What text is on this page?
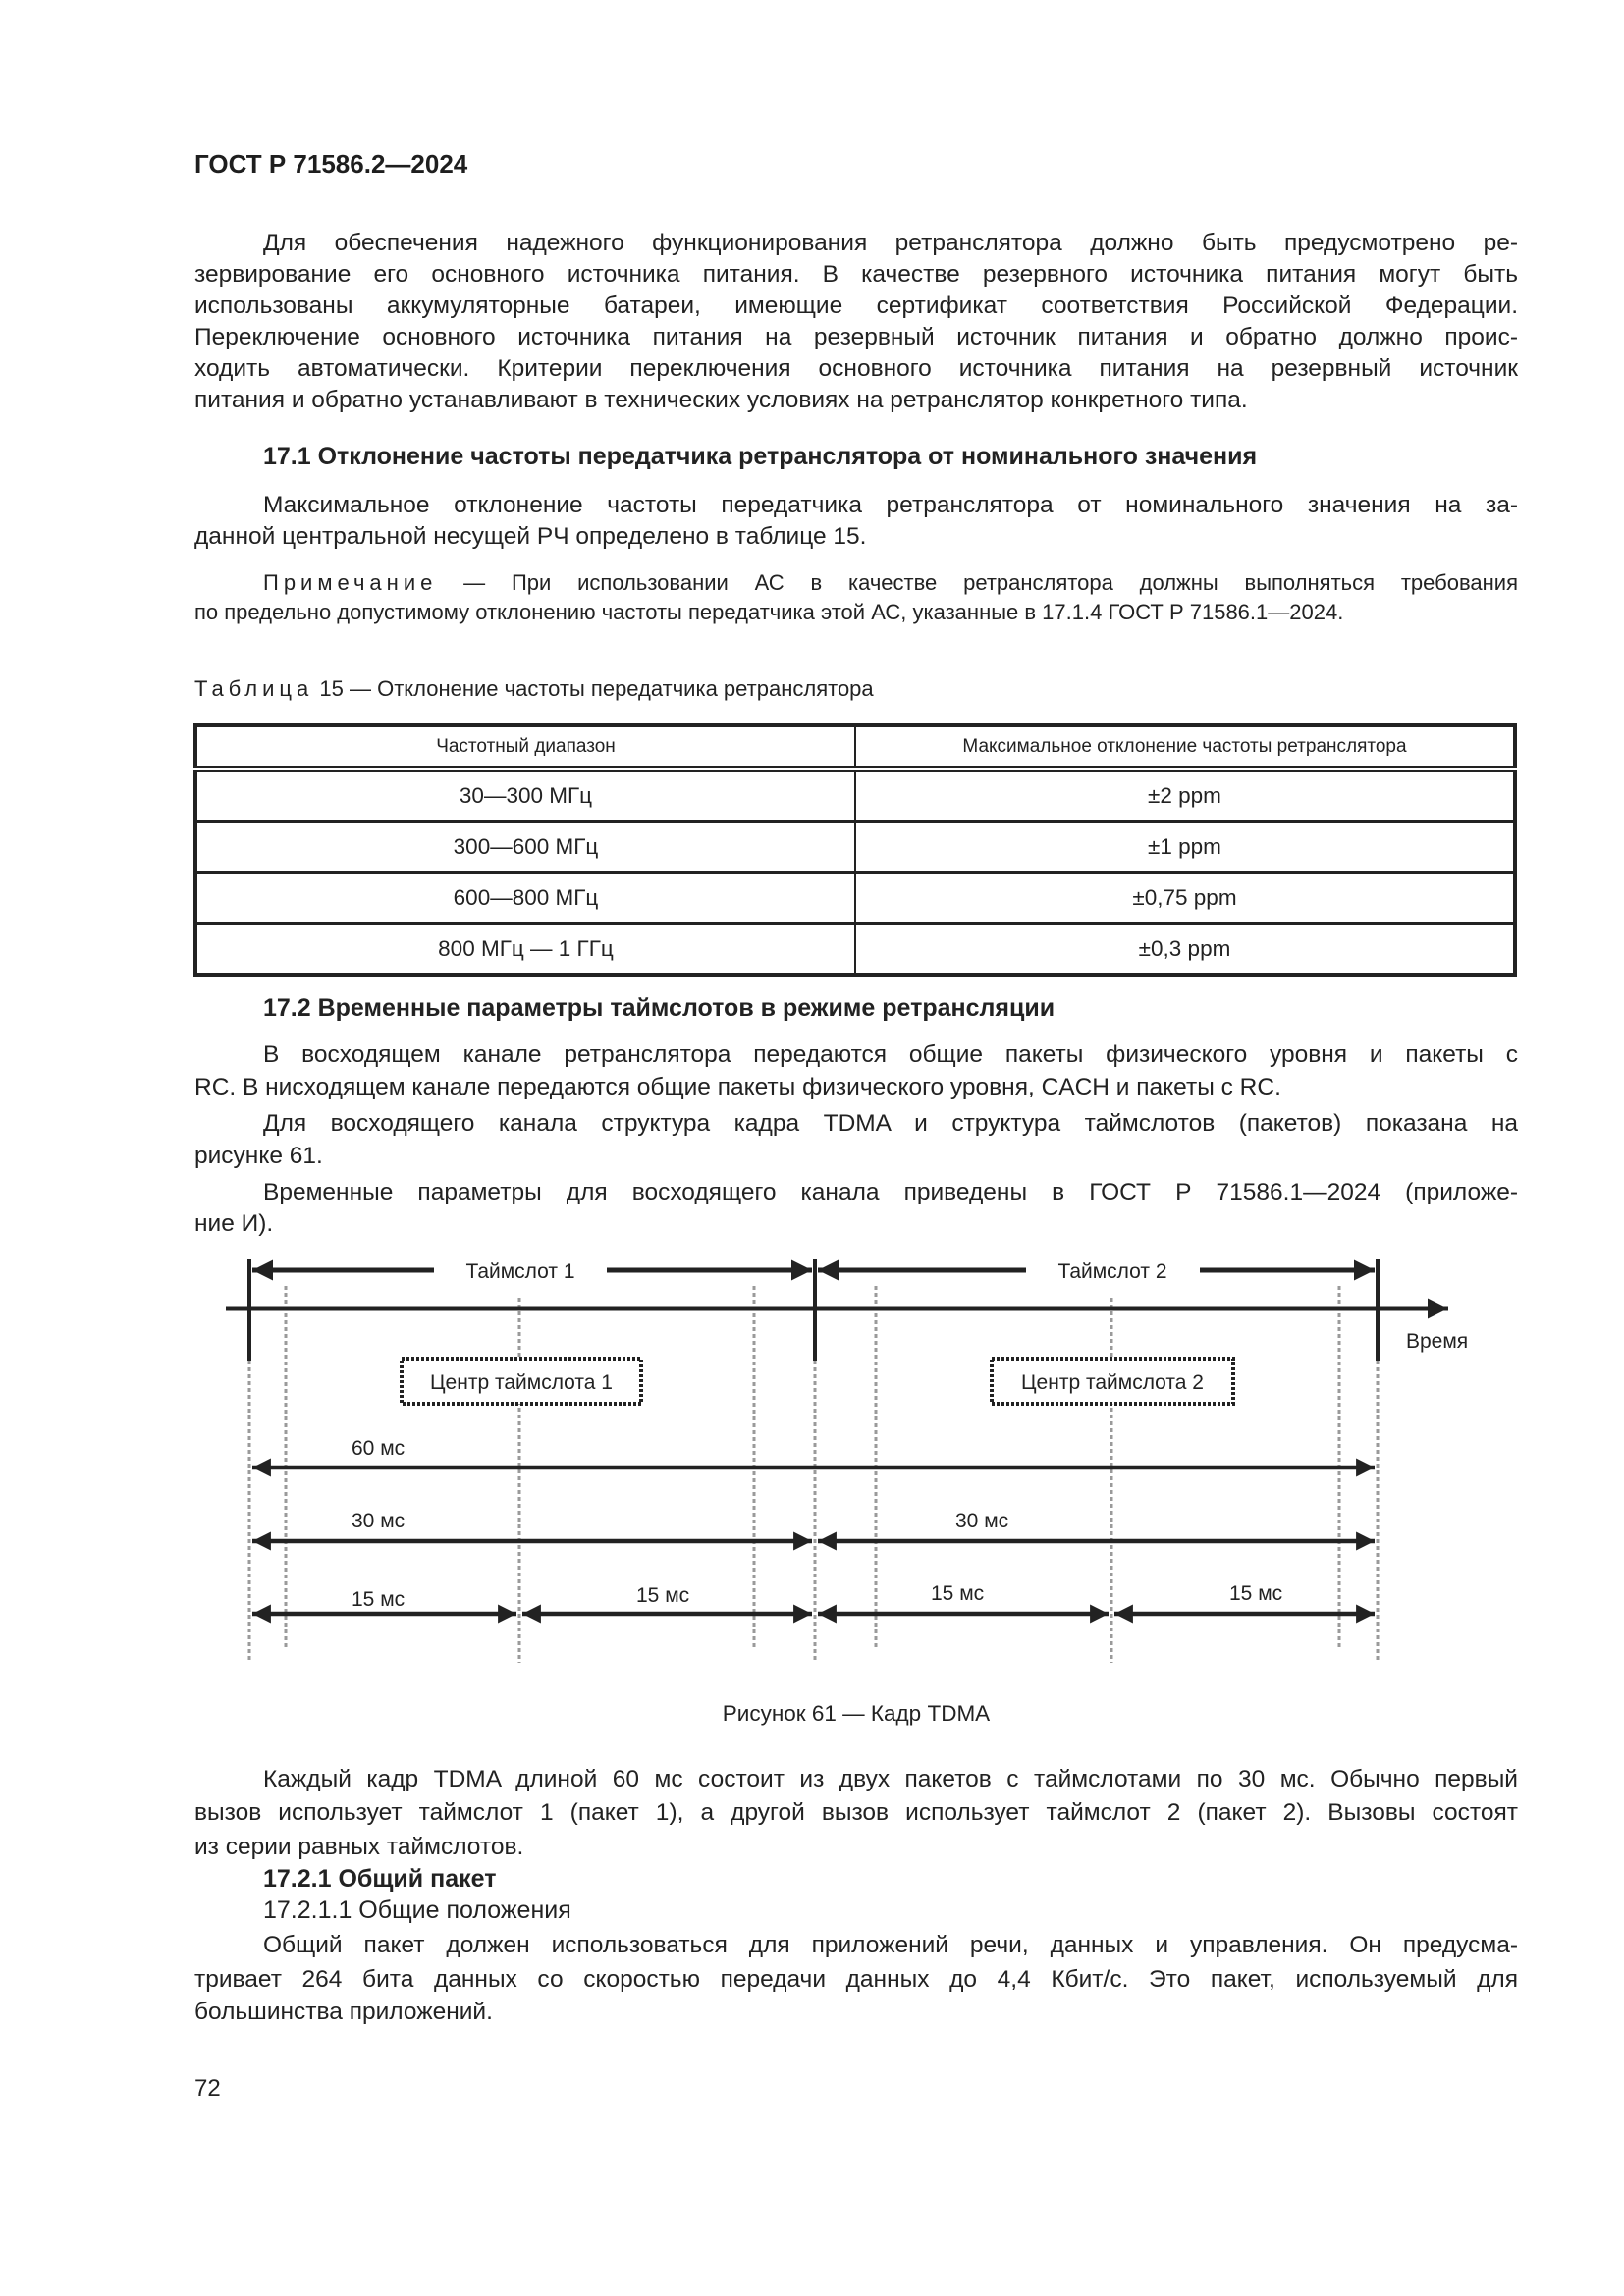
ГОСТ Р 71586.2—2024
Для обеспечения надежного функционирования ретранслятора должно быть предусмотрено ре-
зервирование его основного источника питания. В качестве резервного источника питания могут быть
использованы аккумуляторные батареи, имеющие сертификат соответствия Российской Федерации.
Переключение основного источника питания на резервный источник питания и обратно должно проис-
ходить автоматически. Критерии переключения основного источника питания на резервный источник
питания и обратно устанавливают в технических условиях на ретранслятор конкретного типа.
17.1 Отклонение частоты передатчика ретранслятора от номинального значения
Максимальное отклонение частоты передатчика ретранслятора от номинального значения на за-
данной центральной несущей РЧ определено в таблице 15.
Примечание — При использовании АС в качестве ретранслятора должны выполняться требования
по предельно допустимому отклонению частоты передатчика этой АС, указанные в 17.1.4 ГОСТ Р 71586.1—2024.
Таблица 15 — Отклонение частоты передатчика ретранслятора
Частотный диапазон	Максимальное отклонение частоты ретранслятора
30—300 МГц	±2 ppm
300—600 МГц	±1 ppm
600—800 МГц	±0,75 ppm
800 МГц — 1 ГГц	±0,3 ppm
17.2 Временные параметры таймслотов в режиме ретрансляции
В восходящем канале ретранслятора передаются общие пакеты физического уровня и пакеты с
RC. В нисходящем канале передаются общие пакеты физического уровня, CACH и пакеты с RC.
Для восходящего канала структура кадра TDMA и структура таймслотов (пакетов) показана на
рисунке 61.
Временные параметры для восходящего канала приведены в ГОСТ Р 71586.1—2024 (приложе-
ние И).
Время
Таймслот 1	Таймслот 2
Центр таймслота 1	Центр таймслота 2
60 мс
30 мс	30 мс
15 мс	15 мс	15 мс	15 мс
Рисунок 61 — Кадр TDMA
Каждый кадр TDMA длиной 60 мс состоит из двух пакетов с таймслотами по 30 мс. Обычно первый
вызов использует таймслот 1 (пакет 1), а другой вызов использует таймслот 2 (пакет 2). Вызовы состоят
из серии равных таймслотов.
17.2.1 Общий пакет
17.2.1.1 Общие положения
Общий пакет должен использоваться для приложений речи, данных и управления. Он предусма-
тривает 264 бита данных со скоростью передачи данных до 4,4 Кбит/с. Это пакет, используемый для
большинства приложений.
72
